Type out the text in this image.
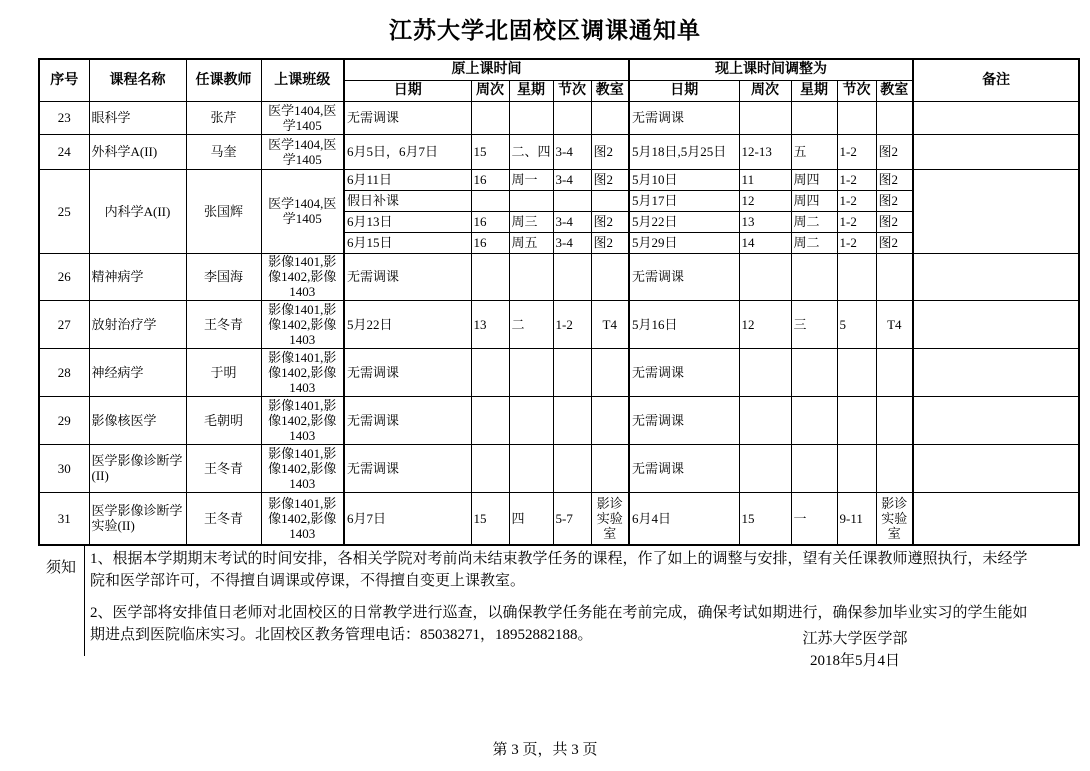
江苏大学北固校区调课通知单
序号	课程名称	任课教师	上课班级	原上课时间					现上课时间调整为					备注
				日期	周次	星期	节次	教室	日期	周次	星期	节次	教室	
23	眼科学	张芹	医学1404,医学1405	无需调课					无需调课					
24	外科学A(II)	马奎	医学1404,医学1405	6月5日，6月7日	15	二、四	3-4	图2	5月18日,5月25日	12-13	五	1-2	图2	
25	内科学A(II)	张国辉	医学1404,医学1405	6月11日	16	周一	3-4	图2	5月10日	11	周四	1-2	图2	
				假日补课					5月17日	12	周四	1-2	图2	
				6月13日	16	周三	3-4	图2	5月22日	13	周二	1-2	图2	
				6月15日	16	周五	3-4	图2	5月29日	14	周二	1-2	图2	
26	精神病学	李国海	影像1401,影像1402,影像1403	无需调课					无需调课					
27	放射治疗学	王冬青	影像1401,影像1402,影像1403	5月22日	13	二	1-2	T4	5月16日	12	三	5	T4	
28	神经病学	于明	影像1401,影像1402,影像1403	无需调课					无需调课					
29	影像核医学	毛朝明	影像1401,影像1402,影像1403	无需调课					无需调课					
30	医学影像诊断学(II)	王冬青	影像1401,影像1402,影像1403	无需调课					无需调课					
31	医学影像诊断学实验(II)	王冬青	影像1401,影像1402,影像1403	6月7日	15	四	5-7	影诊实验室	6月4日	15	一	9-11	影诊实验室	
须知

1、根据本学期期末考试的时间安排，各相关学院对考前尚未结束教学任务的课程，作了如上的调整与安排，望有关任课教师遵照执行，未经学院和医学部许可，不得擅自调课或停课，不得擅自变更上课教室。

2、医学部将安排值日老师对北固校区的日常教学进行巡查，以确保教学任务能在考前完成，确保考试如期进行，确保参加毕业实习的学生能如期进点到医院临床实习。北固校区教务管理电话：85038271，18952882188。	江苏大学医学部
2018年5月4日
第 3 页，共 3 页
